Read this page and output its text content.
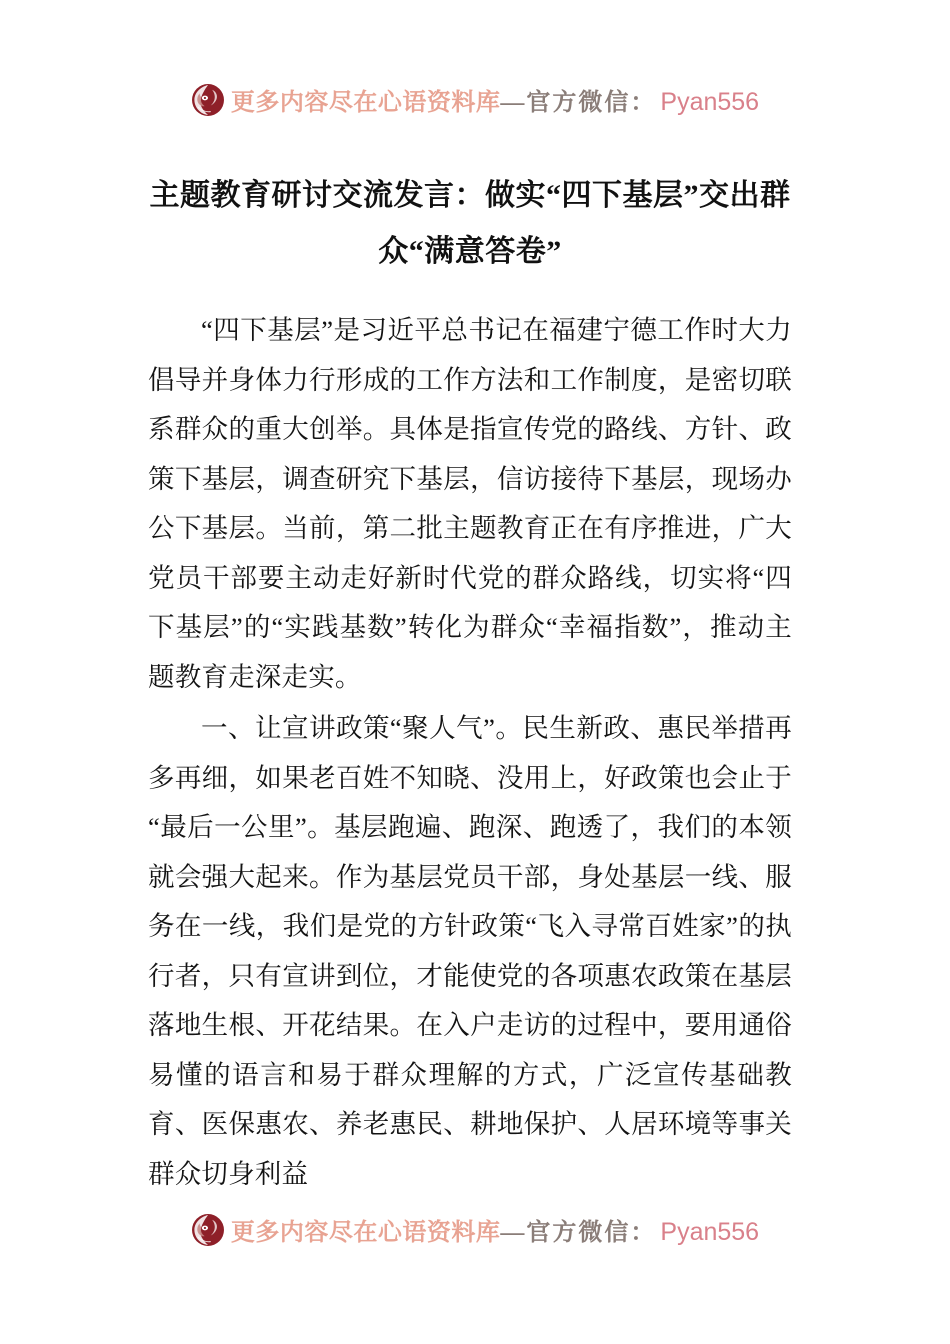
更多内容尽在心语资料库 —官方微信： Pyan556
主题教育研讨交流发言：做实“四下基层”交出群众“满意答卷”

“四下基层”是习近平总书记在福建宁德工作时大力倡导并身体力行形成的工作方法和工作制度，是密切联系群众的重大创举。具体是指宣传党的路线、方针、政策下基层，调查研究下基层，信访接待下基层，现场办公下基层。当前，第二批主题教育正在有序推进，广大党员干部要主动走好新时代党的群众路线，切实将“四下基层”的“实践基数”转化为群众“幸福指数”，推动主题教育走深走实。

一、让宣讲政策“聚人气”。民生新政、惠民举措再多再细，如果老百姓不知晓、没用上，好政策也会止于“最后一公里”。基层跑遍、跑深、跑透了，我们的本领就会强大起来。作为基层党员干部，身处基层一线、服务在一线，我们是党的方针政策“飞入寻常百姓家”的执行者，只有宣讲到位，才能使党的各项惠农政策在基层落地生根、开花结果。在入户走访的过程中，要用通俗易懂的语言和易于群众理解的方式，广泛宣传基础教育、医保惠农、养老惠民、耕地保护、人居环境等事关群众切身利益

更多内容尽在心语资料库 —官方微信： Pyan556
